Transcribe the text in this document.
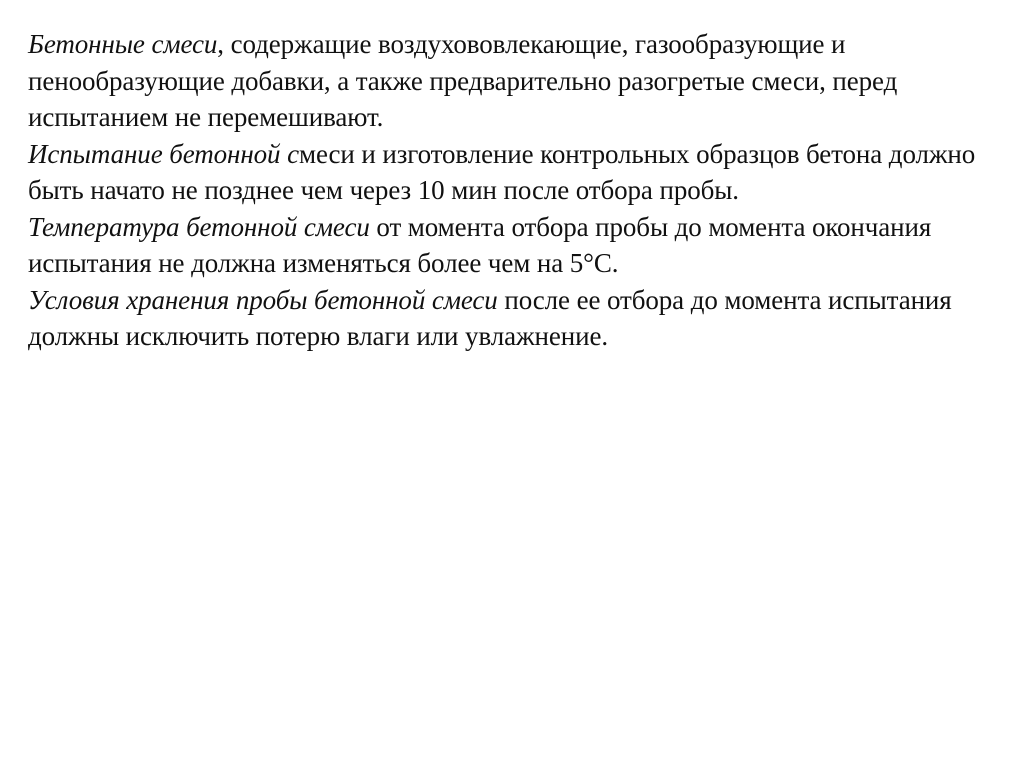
Бетонные смеси, содержащие воздухововлекающие, газообразующие и пенообразующие добавки, а также предварительно разогретые смеси, перед испытанием не перемешивают.

Испытание бетонной смеси и изготовление контрольных образцов бетона должно быть начато не позднее чем через 10 мин после отбора пробы.

Температура бетонной смеси от момента отбора пробы до момента окончания испытания не должна изменяться более чем на 5°С.

Условия хранения пробы бетонной смеси после ее отбора до момента испытания должны исключить потерю влаги или увлажнение.
